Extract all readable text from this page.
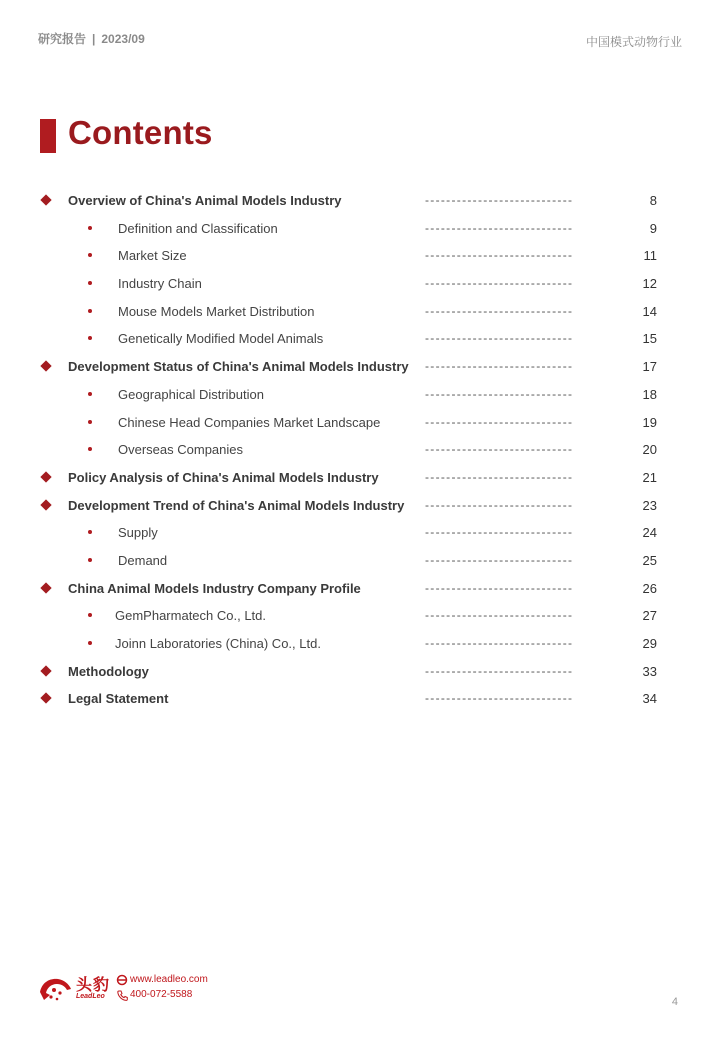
研究报告 | 2023/09	中国模式动物行业
Contents
Overview of China's Animal Models Industry	----------------------------	8
Definition and Classification	----------------------------	9
Market Size	----------------------------	11
Industry Chain	----------------------------	12
Mouse Models Market Distribution	----------------------------	14
Genetically Modified Model Animals	----------------------------	15
Development Status of China's Animal Models Industry ----------------------------	17
Geographical Distribution	----------------------------	18
Chinese Head Companies Market Landscape	----------------------------	19
Overseas Companies	----------------------------	20
Policy Analysis of China's Animal Models Industry	----------------------------	21
Development Trend of China's Animal Models Industry ----------------------------	23
Supply	----------------------------	24
Demand	----------------------------	25
China Animal Models Industry Company Profile	----------------------------	26
GemPharmatech Co., Ltd.	----------------------------	27
Joinn Laboratories (China) Co., Ltd.	----------------------------	29
Methodology	----------------------------	33
Legal Statement	----------------------------	34
头豹
LeadLeo
www.leadleo.com
400-072-5588
4
